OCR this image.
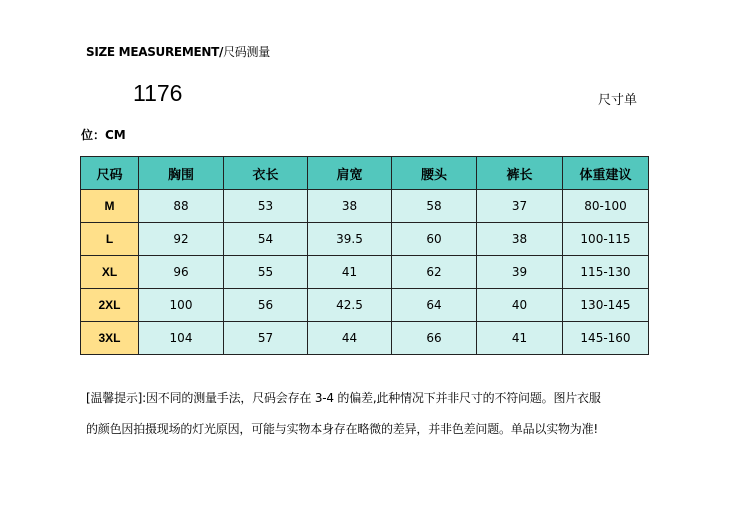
SIZE MEASUREMENT/尺码测量
1176	尺寸单
位：CM
尺码	胸围	衣长	肩宽	腰头	裤长	体重建议
M	88	53	38	58	37	80-100
L	92	54	39.5	60	38	100-115
XL	96	55	41	62	39	115-130
2XL	100	56	42.5	64	40	130-145
3XL	104	57	44	66	41	145-160
[温馨提示]:因不同的测量手法，尺码会存在 3-4 的偏差,此种情况下并非尺寸的不符问题。图片衣服
的颜色因拍摄现场的灯光原因，可能与实物本身存在略微的差异，并非色差问题。单品以实物为准!
